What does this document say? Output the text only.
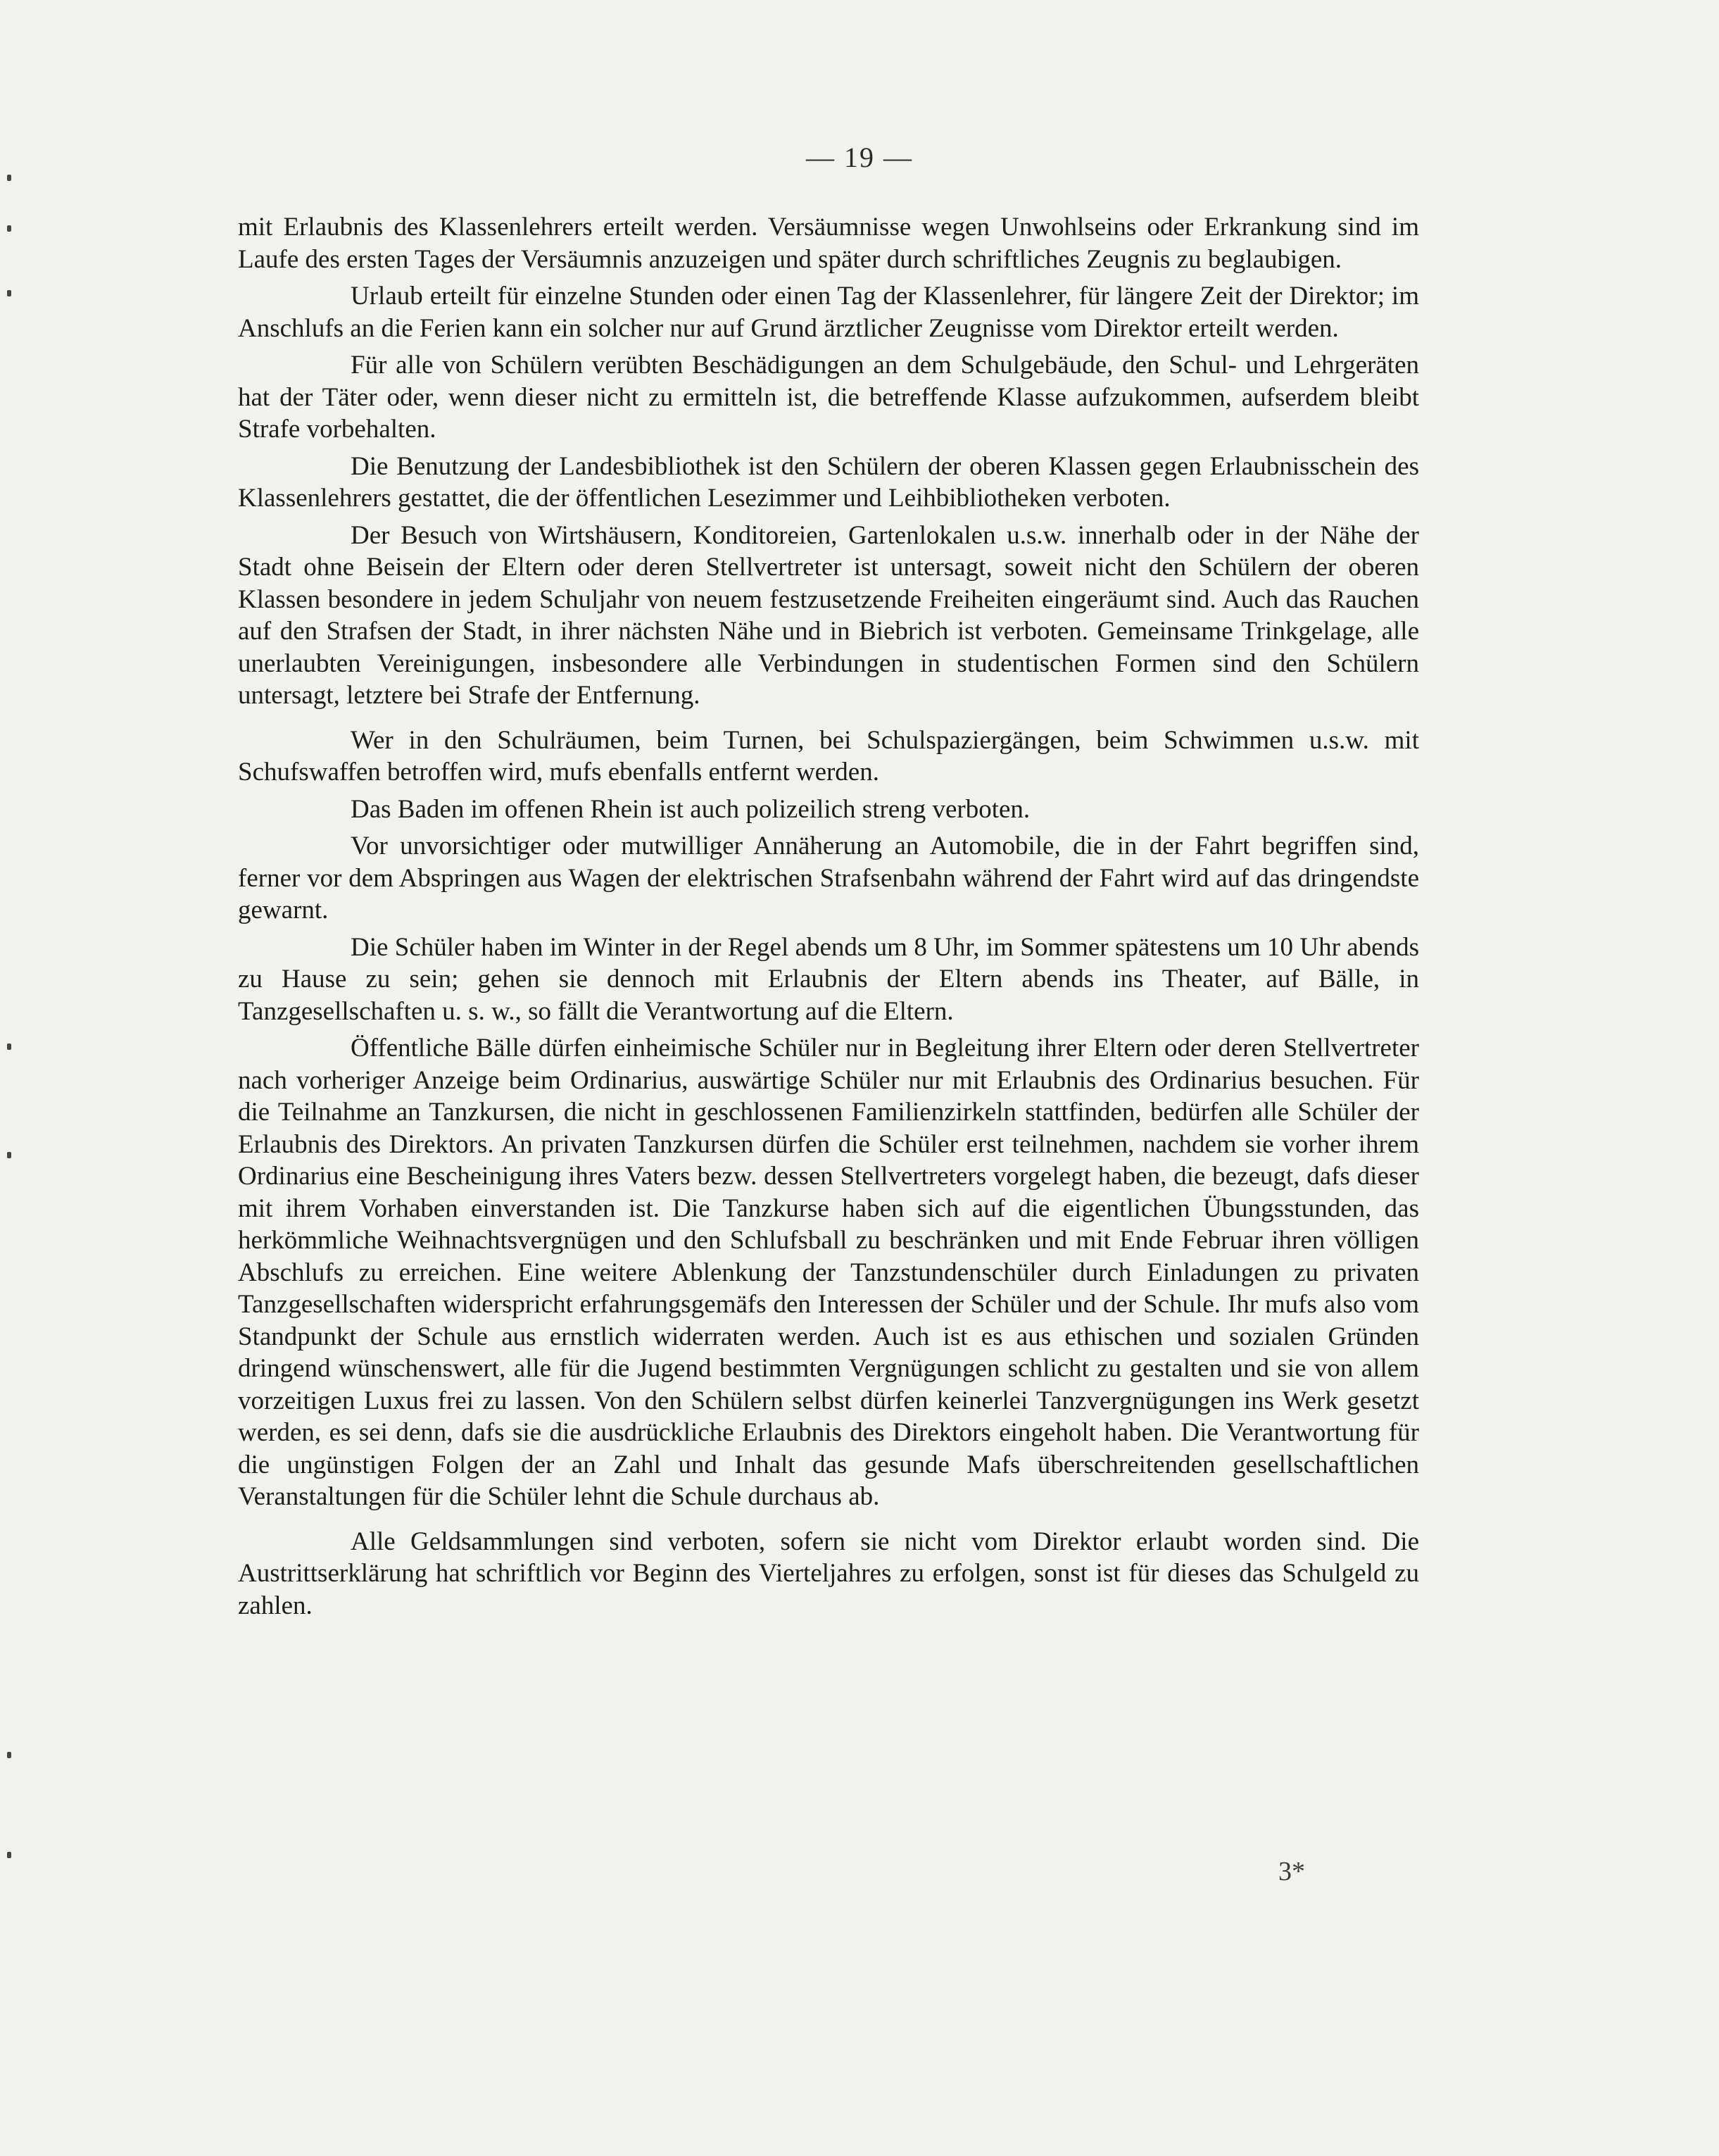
— 19 —

mit Erlaubnis des Klassenlehrers erteilt werden. Versäumnisse wegen Unwohlseins oder Erkrankung sind im Laufe des ersten Tages der Versäumnis anzuzeigen und später durch schriftliches Zeugnis zu beglaubigen.

Urlaub erteilt für einzelne Stunden oder einen Tag der Klassenlehrer, für längere Zeit der Direktor; im Anschlufs an die Ferien kann ein solcher nur auf Grund ärztlicher Zeugnisse vom Direktor erteilt werden.

Für alle von Schülern verübten Beschädigungen an dem Schulgebäude, den Schul- und Lehrgeräten hat der Täter oder, wenn dieser nicht zu ermitteln ist, die betreffende Klasse aufzukommen, aufserdem bleibt Strafe vorbehalten.

Die Benutzung der Landesbibliothek ist den Schülern der oberen Klassen gegen Erlaubnisschein des Klassenlehrers gestattet, die der öffentlichen Lesezimmer und Leihbibliotheken verboten.

Der Besuch von Wirtshäusern, Konditoreien, Gartenlokalen u.s.w. innerhalb oder in der Nähe der Stadt ohne Beisein der Eltern oder deren Stellvertreter ist untersagt, soweit nicht den Schülern der oberen Klassen besondere in jedem Schuljahr von neuem festzusetzende Freiheiten eingeräumt sind. Auch das Rauchen auf den Strafsen der Stadt, in ihrer nächsten Nähe und in Biebrich ist verboten. Gemeinsame Trinkgelage, alle unerlaubten Vereinigungen, insbesondere alle Verbindungen in studentischen Formen sind den Schülern untersagt, letztere bei Strafe der Entfernung.

Wer in den Schulräumen, beim Turnen, bei Schulspaziergängen, beim Schwimmen u.s.w. mit Schufswaffen betroffen wird, mufs ebenfalls entfernt werden.

Das Baden im offenen Rhein ist auch polizeilich streng verboten.

Vor unvorsichtiger oder mutwilliger Annäherung an Automobile, die in der Fahrt begriffen sind, ferner vor dem Abspringen aus Wagen der elektrischen Strafsenbahn während der Fahrt wird auf das dringendste gewarnt.

Die Schüler haben im Winter in der Regel abends um 8 Uhr, im Sommer spätestens um 10 Uhr abends zu Hause zu sein; gehen sie dennoch mit Erlaubnis der Eltern abends ins Theater, auf Bälle, in Tanzgesellschaften u. s. w., so fällt die Verantwortung auf die Eltern.

Öffentliche Bälle dürfen einheimische Schüler nur in Begleitung ihrer Eltern oder deren Stellvertreter nach vorheriger Anzeige beim Ordinarius, auswärtige Schüler nur mit Erlaubnis des Ordinarius besuchen. Für die Teilnahme an Tanzkursen, die nicht in geschlossenen Familienzirkeln stattfinden, bedürfen alle Schüler der Erlaubnis des Direktors. An privaten Tanzkursen dürfen die Schüler erst teilnehmen, nachdem sie vorher ihrem Ordinarius eine Bescheinigung ihres Vaters bezw. dessen Stellvertreters vorgelegt haben, die bezeugt, dafs dieser mit ihrem Vorhaben einverstanden ist. Die Tanzkurse haben sich auf die eigentlichen Übungsstunden, das herkömmliche Weihnachtsvergnügen und den Schlufsball zu beschränken und mit Ende Februar ihren völligen Abschlufs zu erreichen. Eine weitere Ablenkung der Tanzstundenschüler durch Einladungen zu privaten Tanzgesellschaften widerspricht erfahrungsgemäfs den Interessen der Schüler und der Schule. Ihr mufs also vom Standpunkt der Schule aus ernstlich widerraten werden. Auch ist es aus ethischen und sozialen Gründen dringend wünschenswert, alle für die Jugend bestimmten Vergnügungen schlicht zu gestalten und sie von allem vorzeitigen Luxus frei zu lassen. Von den Schülern selbst dürfen keinerlei Tanzvergnügungen ins Werk gesetzt werden, es sei denn, dafs sie die ausdrückliche Erlaubnis des Direktors eingeholt haben. Die Verantwortung für die ungünstigen Folgen der an Zahl und Inhalt das gesunde Mafs überschreitenden gesellschaftlichen Veranstaltungen für die Schüler lehnt die Schule durchaus ab.

Alle Geldsammlungen sind verboten, sofern sie nicht vom Direktor erlaubt worden sind. Die Austrittserklärung hat schriftlich vor Beginn des Vierteljahres zu erfolgen, sonst ist für dieses das Schulgeld zu zahlen.

3*
